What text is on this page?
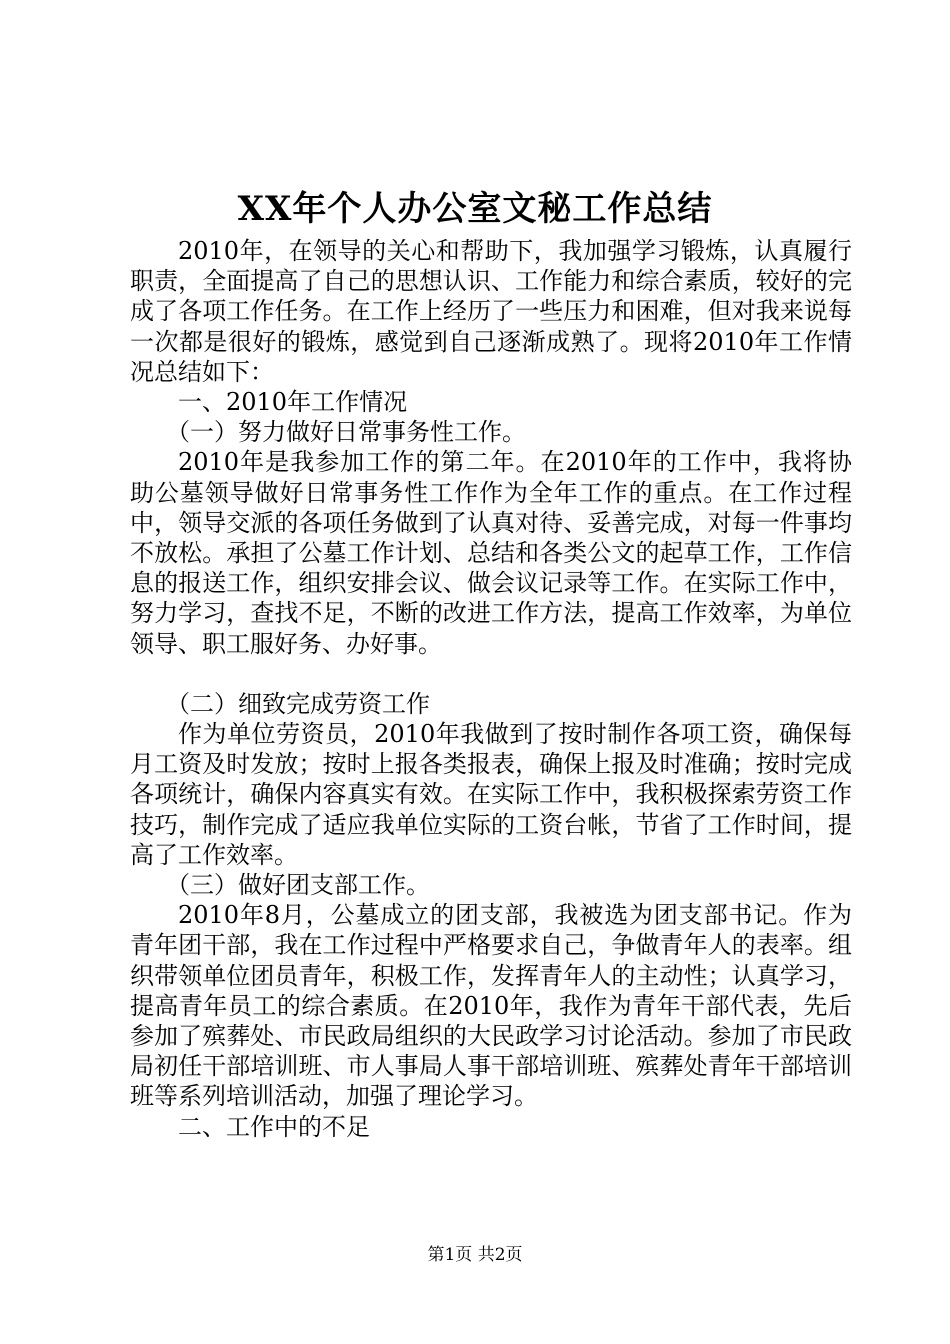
XX年个人办公室文秘工作总结

2010年，在领导的关心和帮助下，我加强学习锻炼，认真履行职责，全面提高了自己的思想认识、工作能力和综合素质，较好的完成了各项工作任务。在工作上经历了一些压力和困难，但对我来说每一次都是很好的锻炼，感觉到自己逐渐成熟了。现将2010年工作情况总结如下：

一、2010年工作情况

（一）努力做好日常事务性工作。

2010年是我参加工作的第二年。在2010年的工作中，我将协助公墓领导做好日常事务性工作作为全年工作的重点。在工作过程中，领导交派的各项任务做到了认真对待、妥善完成，对每一件事均不放松。承担了公墓工作计划、总结和各类公文的起草工作，工作信息的报送工作，组织安排会议、做会议记录等工作。在实际工作中，努力学习，查找不足，不断的改进工作方法，提高工作效率，为单位领导、职工服好务、办好事。

（二）细致完成劳资工作

作为单位劳资员，2010年我做到了按时制作各项工资，确保每月工资及时发放；按时上报各类报表，确保上报及时准确；按时完成各项统计，确保内容真实有效。在实际工作中，我积极探索劳资工作技巧，制作完成了适应我单位实际的工资台帐，节省了工作时间，提高了工作效率。

（三）做好团支部工作。

2010年8月，公墓成立的团支部，我被选为团支部书记。作为青年团干部，我在工作过程中严格要求自己，争做青年人的表率。组织带领单位团员青年，积极工作，发挥青年人的主动性；认真学习，提高青年员工的综合素质。在2010年，我作为青年干部代表，先后参加了殡葬处、市民政局组织的大民政学习讨论活动。参加了市民政局初任干部培训班、市人事局人事干部培训班、殡葬处青年干部培训班等系列培训活动，加强了理论学习。

二、工作中的不足

第1页 共2页
